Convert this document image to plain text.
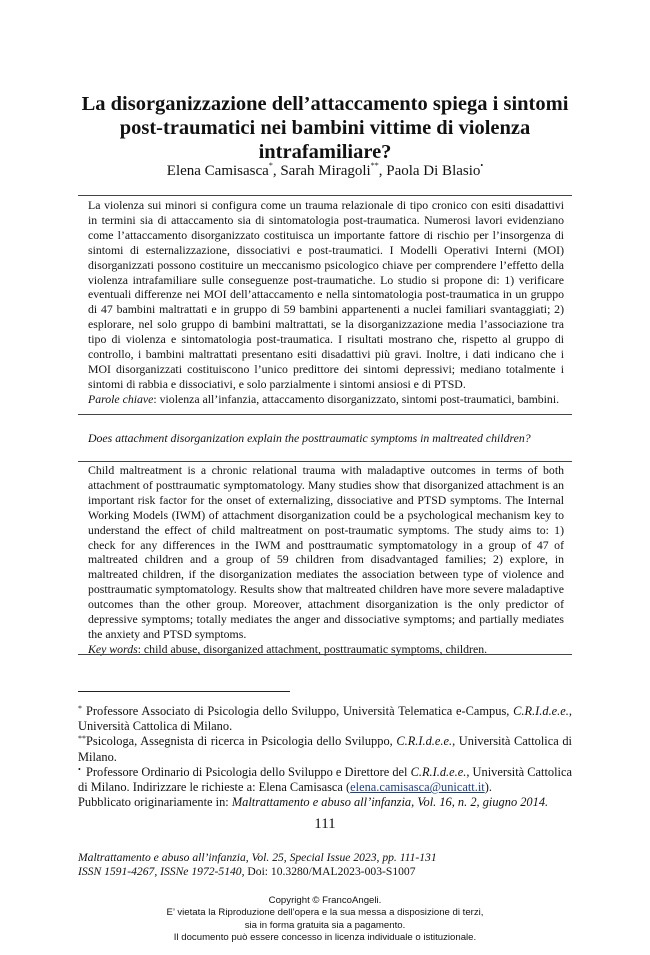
La disorganizzazione dell’attaccamento spiega i sintomi post-traumatici nei bambini vittime di violenza intrafamiliare?
Elena Camisasca*, Sarah Miragoli**, Paola Di Blasio•

La violenza sui minori si configura come un trauma relazionale di tipo cronico con esiti disadattivi in termini sia di attaccamento sia di sintomatologia post-traumatica. Numerosi lavori evidenziano come l’attaccamento disorganizzato costituisca un importante fattore di rischio per l’insorgenza di sintomi di esternalizzazione, dissociativi e post-traumatici. I Modelli Operativi Interni (MOI) disorganizzati possono costituire un meccanismo psicologico chiave per comprendere l’effetto della violenza intrafamiliare sulle conseguenze post-traumatiche. Lo studio si propone di: 1) verificare eventuali differenze nei MOI dell’attaccamento e nella sintomatologia post-traumatica in un gruppo di 47 bambini maltrattati e in gruppo di 59 bambini appartenenti a nuclei familiari svantaggiati; 2) esplorare, nel solo gruppo di bambini maltrattati, se la disorganizzazione media l’associazione tra tipo di violenza e sintomatologia post-traumatica. I risultati mostrano che, rispetto al gruppo di controllo, i bambini maltrattati presentano esiti disadattivi più gravi. Inoltre, i dati indicano che i MOI disorganizzati costituiscono l’unico predittore dei sintomi depressivi; mediano totalmente i sintomi di rabbia e dissociativi, e solo parzialmente i sintomi ansiosi e di PTSD.

Parole chiave: violenza all’infanzia, attaccamento disorganizzato, sintomi post-traumatici, bambini.
Does attachment disorganization explain the posttraumatic symptoms in maltreated children?

Child maltreatment is a chronic relational trauma with maladaptive outcomes in terms of both attachment of posttraumatic symptomatology. Many studies show that disorganized attachment is an important risk factor for the onset of externalizing, dissociative and PTSD symptoms. The Internal Working Models (IWM) of attachment disorganization could be a psychological mechanism key to understand the effect of child maltreatment on post-traumatic symptoms. The study aims to: 1) check for any differences in the IWM and posttraumatic symptomatology in a group of 47 of maltreated children and a group of 59 children from disadvantaged families; 2) explore, in maltreated children, if the disorganization mediates the association between type of violence and posttraumatic symptomatology. Results show that maltreated children have more severe maladaptive outcomes than the other group. Moreover, attachment disorganization is the only predictor of depressive symptoms; totally mediates the anger and dissociative symptoms; and partially mediates the anxiety and PTSD symptoms.

Key words: child abuse, disorganized attachment, posttraumatic symptoms, children.

* Professore Associato di Psicologia dello Sviluppo, Università Telematica e-Campus, C.R.I.d.e.e., Università Cattolica di Milano.

**Psicologa, Assegnista di ricerca in Psicologia dello Sviluppo, C.R.I.d.e.e., Università Cattolica di Milano.

• Professore Ordinario di Psicologia dello Sviluppo e Direttore del C.R.I.d.e.e., Università Cattolica di Milano. Indirizzare le richieste a: Elena Camisasca (elena.camisasca@unicatt.it).

Pubblicato originariamente in: Maltrattamento e abuso all’infanzia, Vol. 16, n. 2, giugno 2014.

111
Maltrattamento e abuso all’infanzia, Vol. 25, Special Issue 2023, pp. 111-131
ISSN 1591-4267, ISSNe 1972-5140, Doi: 10.3280/MAL2023-003-S1007
Copyright © FrancoAngeli.
E’ vietata la Riproduzione dell’opera e la sua messa a disposizione di terzi,
sia in forma gratuita sia a pagamento.
Il documento può essere concesso in licenza individuale o istituzionale.
